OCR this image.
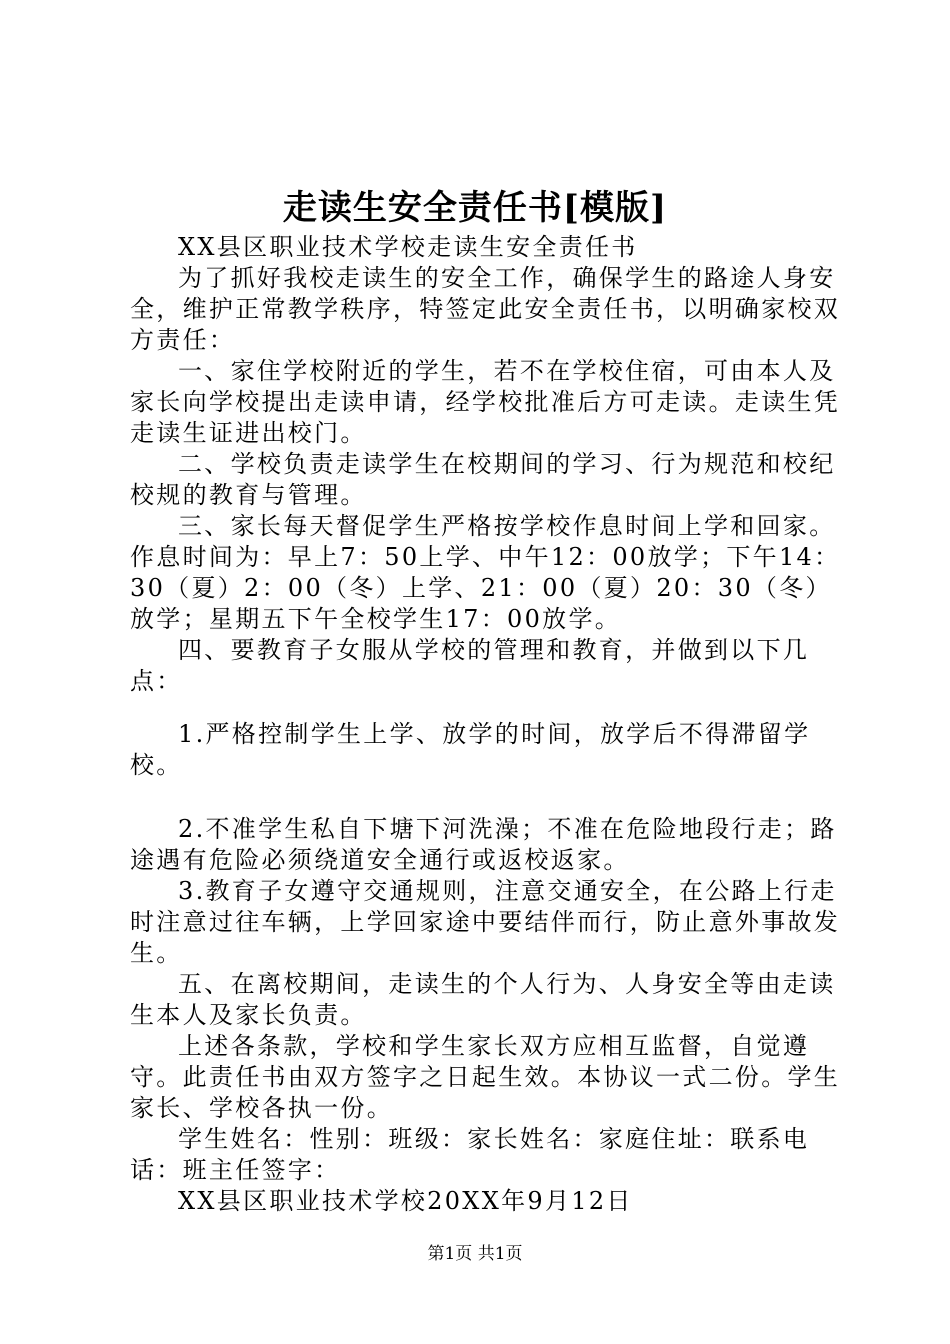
走读生安全责任书[模版]

XX县区职业技术学校走读生安全责任书

为了抓好我校走读生的安全工作，确保学生的路途人身安全，维护正常教学秩序，特签定此安全责任书，以明确家校双方责任：

一、家住学校附近的学生，若不在学校住宿，可由本人及家长向学校提出走读申请，经学校批准后方可走读。走读生凭走读生证进出校门。

二、学校负责走读学生在校期间的学习、行为规范和校纪校规的教育与管理。

三、家长每天督促学生严格按学校作息时间上学和回家。作息时间为：早上7：50上学、中午12：00放学；下午14：30（夏）2：00（冬）上学、21：00（夏）20：30（冬）放学；星期五下午全校学生17：00放学。

四、要教育子女服从学校的管理和教育，并做到以下几点：

1.严格控制学生上学、放学的时间，放学后不得滞留学校。

2.不准学生私自下塘下河洗澡；不准在危险地段行走；路途遇有危险必须绕道安全通行或返校返家。

3.教育子女遵守交通规则，注意交通安全，在公路上行走时注意过往车辆，上学回家途中要结伴而行，防止意外事故发生。

五、在离校期间，走读生的个人行为、人身安全等由走读生本人及家长负责。

上述各条款，学校和学生家长双方应相互监督，自觉遵守。此责任书由双方签字之日起生效。本协议一式二份。学生家长、学校各执一份。

学生姓名：性别：班级：家长姓名：家庭住址：联系电话：班主任签字：

XX县区职业技术学校20XX年9月12日

第1页 共1页
